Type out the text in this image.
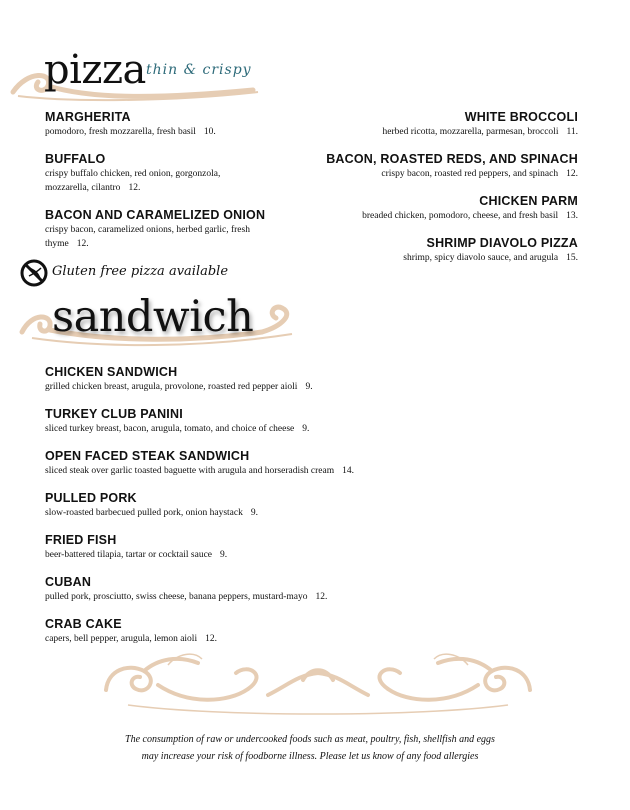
pizza thin & crispy
MARGHERITA
pomodoro, fresh mozzarella, fresh basil 10.
BUFFALO
crispy buffalo chicken, red onion, gorgonzola, mozzarella, cilantro 12.
BACON AND CARAMELIZED ONION
crispy bacon, caramelized onions, herbed garlic, fresh thyme 12.
WHITE BROCCOLI
herbed ricotta, mozzarella, parmesan, broccoli 11.
BACON, ROASTED REDS, AND SPINACH
crispy bacon, roasted red peppers, and spinach 12.
CHICKEN PARM
breaded chicken, pomodoro, cheese, and fresh basil 13.
SHRIMP DIAVOLO PIZZA
shrimp, spicy diavolo sauce, and arugula 15.
Gluten free pizza available
sandwich
CHICKEN SANDWICH
grilled chicken breast, arugula, provolone, roasted red pepper aioli 9.
TURKEY CLUB PANINI
sliced turkey breast, bacon, arugula, tomato, and choice of cheese 9.
OPEN FACED STEAK SANDWICH
sliced steak over garlic toasted baguette with arugula and horseradish cream 14.
PULLED PORK
slow-roasted barbecued pulled pork, onion haystack 9.
FRIED FISH
beer-battered tilapia, tartar or cocktail sauce 9.
CUBAN
pulled pork, prosciutto, swiss cheese, banana peppers, mustard-mayo 12.
CRAB CAKE
capers, bell pepper, arugula, lemon aioli 12.
The consumption of raw or undercooked foods such as meat, poultry, fish, shellfish and eggs
may increase your risk of foodborne illness. Please let us know of any food allergies
